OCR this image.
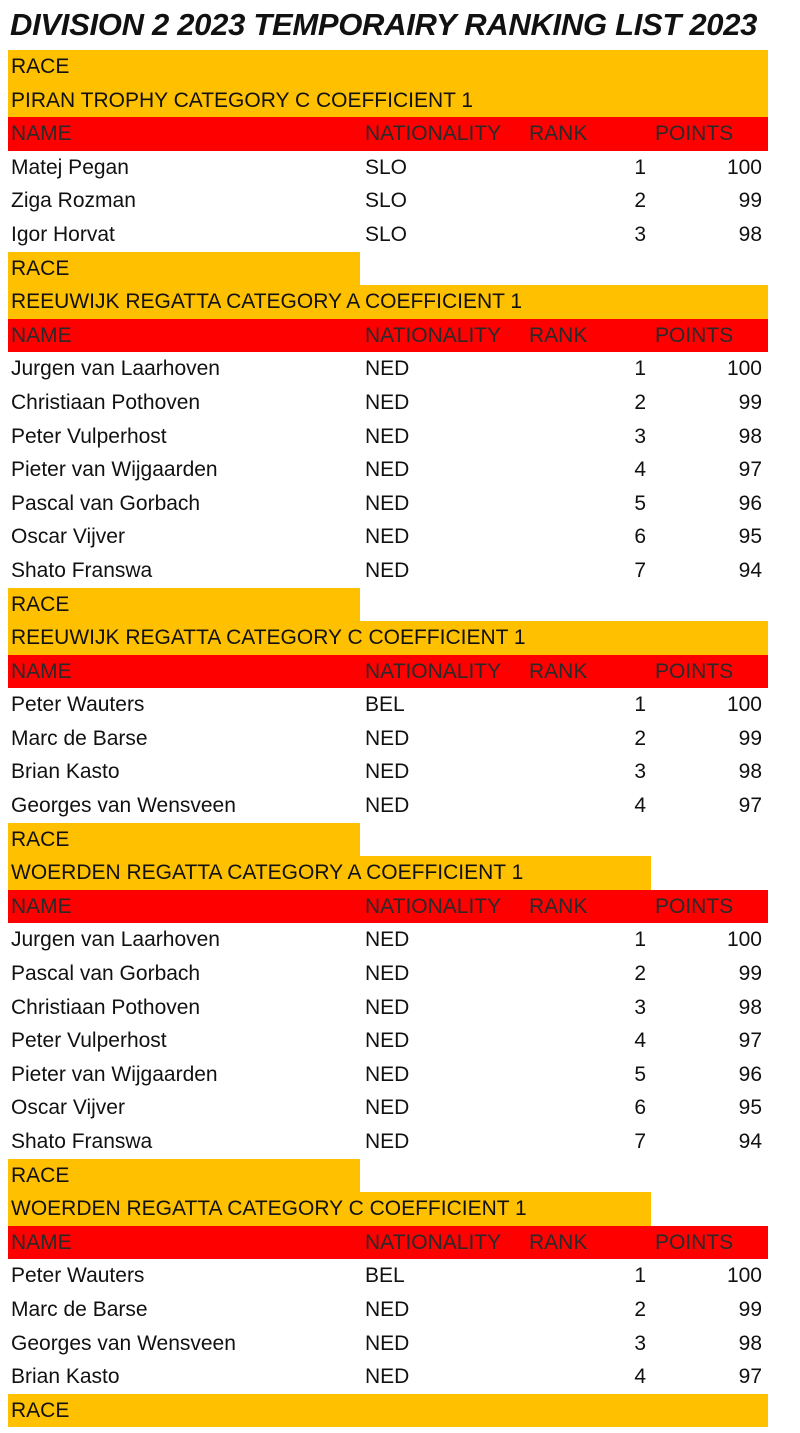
DIVISION 2 2023 TEMPORAIRY RANKING LIST 2023
RACE
PIRAN TROPHY CATEGORY C COEFFICIENT 1
NAME	NATIONALITY RANK	POINTS
Matej Pegan	SLO	1	100
Ziga Rozman	SLO	2	99
Igor Horvat	SLO	3	98
RACE
REEUWIJK REGATTA CATEGORY A COEFFICIENT 1
NAME	NATIONALITY RANK	POINTS
Jurgen van Laarhoven	NED	1	100
Christiaan Pothoven	NED	2	99
Peter Vulperhost	NED	3	98
Pieter van Wijgaarden	NED	4	97
Pascal van Gorbach	NED	5	96
Oscar Vijver	NED	6	95
Shato Franswa	NED	7	94
RACE
REEUWIJK REGATTA CATEGORY C COEFFICIENT 1
NAME	NATIONALITY RANK	POINTS
Peter Wauters	BEL	1	100
Marc de Barse	NED	2	99
Brian Kasto	NED	3	98
Georges van Wensveen	NED	4	97
RACE
WOERDEN REGATTA CATEGORY A COEFFICIENT 1
NAME	NATIONALITY RANK	POINTS
Jurgen van Laarhoven	NED	1	100
Pascal van Gorbach	NED	2	99
Christiaan Pothoven	NED	3	98
Peter Vulperhost	NED	4	97
Pieter van Wijgaarden	NED	5	96
Oscar Vijver	NED	6	95
Shato Franswa	NED	7	94
RACE
WOERDEN REGATTA CATEGORY C COEFFICIENT 1
NAME	NATIONALITY RANK	POINTS
Peter Wauters	BEL	1	100
Marc de Barse	NED	2	99
Georges van Wensveen	NED	3	98
Brian Kasto	NED	4	97
RACE
